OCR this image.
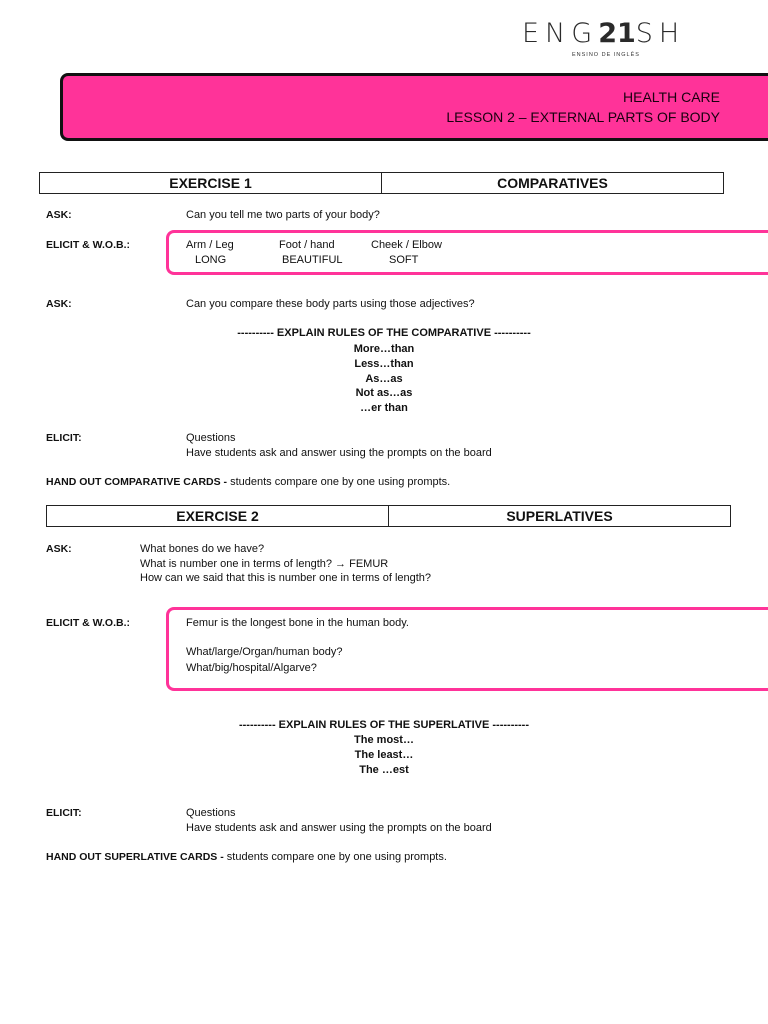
ENG21SH
ENSINO DE INGLÊS
HEALTH CARE
LESSON 2 – EXTERNAL PARTS OF BODY
EXERCISE 1	COMPARATIVES
ASK:	Can you tell me two parts of your body?
ELICIT & W.O.B.:	Arm / Leg	Foot / hand	Cheek / Elbow
LONG	BEAUTIFUL	SOFT
ASK:	Can you compare these body parts using those adjectives?
---------- EXPLAIN RULES OF THE COMPARATIVE ----------
More…than
Less…than
As…as
Not as…as
…er than
ELICIT:	Questions
Have students ask and answer using the prompts on the board
HAND OUT COMPARATIVE CARDS - students compare one by one using prompts.
EXERCISE 2	SUPERLATIVES
ASK:	What bones do we have?
What is number one in terms of length? → FEMUR
How can we said that this is number one in terms of length?
ELICIT & W.O.B.:	Femur is the longest bone in the human body.
What/large/Organ/human body?
What/big/hospital/Algarve?
---------- EXPLAIN RULES OF THE SUPERLATIVE ----------
The most…
The least…
The …est
ELICIT:	Questions
Have students ask and answer using the prompts on the board
HAND OUT SUPERLATIVE CARDS - students compare one by one using prompts.
